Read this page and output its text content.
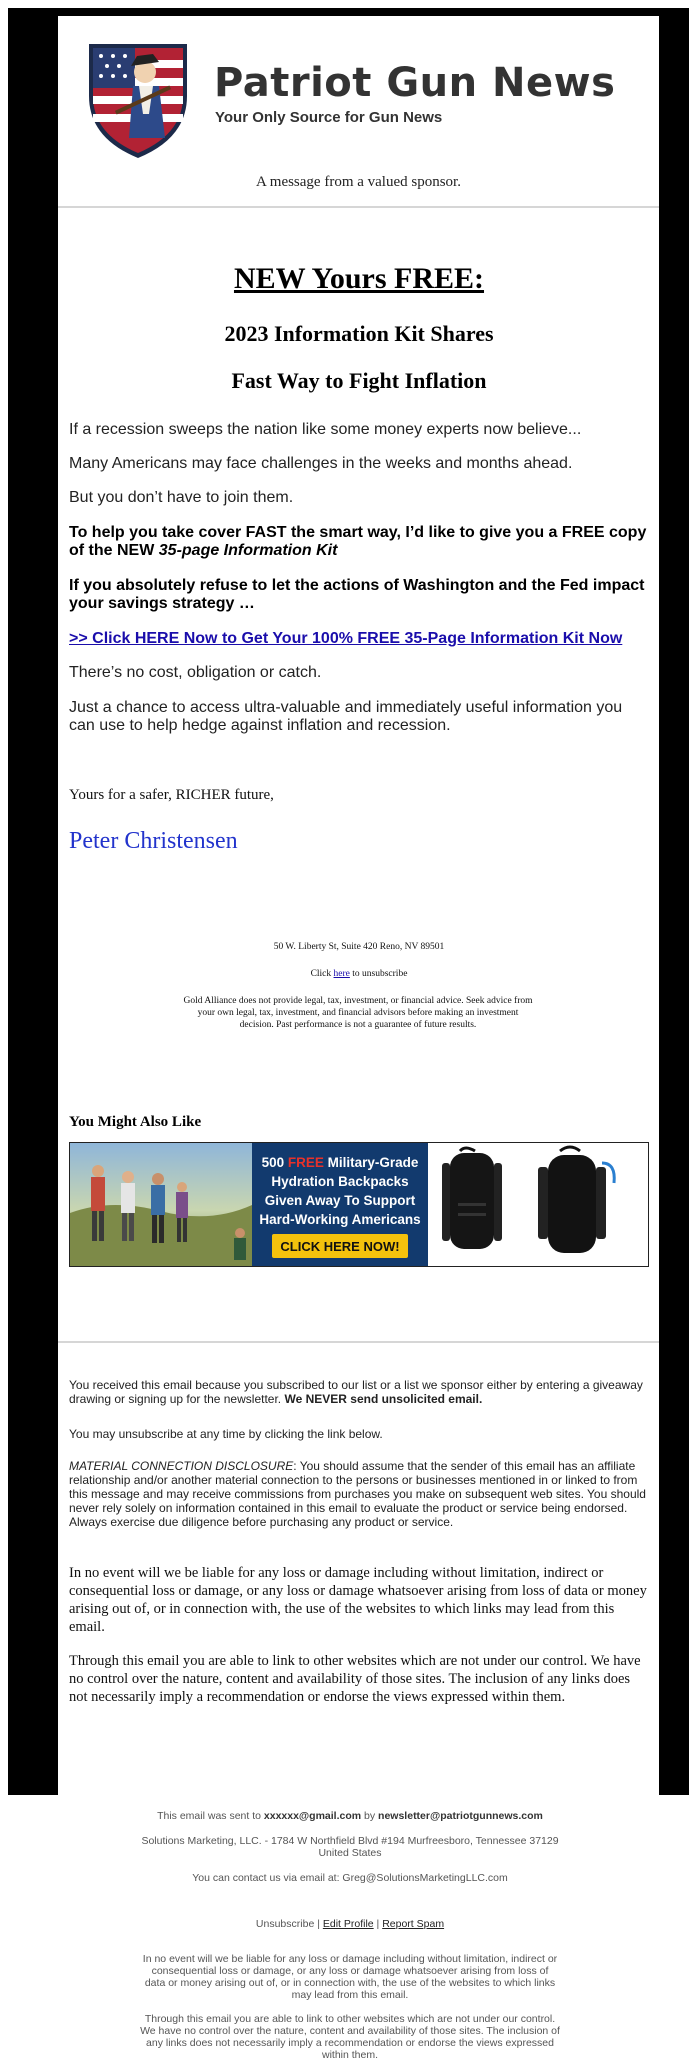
Patriot Gun News
Your Only Source for Gun News
A message from a valued sponsor.
NEW Yours FREE:
2023 Information Kit Shares
Fast Way to Fight Inflation
If a recession sweeps the nation like some money experts now believe...
Many Americans may face challenges in the weeks and months ahead.
But you don’t have to join them.
To help you take cover FAST the smart way, I’d like to give you a FREE copy of the NEW 35-page Information Kit
If you absolutely refuse to let the actions of Washington and the Fed impact your savings strategy …
>> Click HERE Now to Get Your 100% FREE 35-Page Information Kit Now
There’s no cost, obligation or catch.
Just a chance to access ultra-valuable and immediately useful information you can use to help hedge against inflation and recession.
Yours for a safer, RICHER future,
Peter Christensen
50 W. Liberty St, Suite 420 Reno, NV 89501
Click here to unsubscribe
Gold Alliance does not provide legal, tax, investment, or financial advice. Seek advice from your own legal, tax, investment, and financial advisors before making an investment decision. Past performance is not a guarantee of future results.
You Might Also Like
500 FREE Military-Grade
Hydration Backpacks
Given Away To Support
Hard-Working Americans
CLICK HERE NOW!
You received this email because you subscribed to our list or a list we sponsor either by entering a giveaway drawing or signing up for the newsletter. We NEVER send unsolicited email.
You may unsubscribe at any time by clicking the link below.
MATERIAL CONNECTION DISCLOSURE: You should assume that the sender of this email has an affiliate relationship and/or another material connection to the persons or businesses mentioned in or linked to from this message and may receive commissions from purchases you make on subsequent web sites. You should never rely solely on information contained in this email to evaluate the product or service being endorsed. Always exercise due diligence before purchasing any product or service.
In no event will we be liable for any loss or damage including without limitation, indirect or consequential loss or damage, or any loss or damage whatsoever arising from loss of data or money arising out of, or in connection with, the use of the websites to which links may lead from this email.
Through this email you are able to link to other websites which are not under our control. We have no control over the nature, content and availability of those sites. The inclusion of any links does not necessarily imply a recommendation or endorse the views expressed within them.
This email was sent to xxxxxx@gmail.com by newsletter@patriotgunnews.com
Solutions Marketing, LLC. - 1784 W Northfield Blvd #194 Murfreesboro, Tennessee 37129 United States
You can contact us via email at: Greg@SolutionsMarketingLLC.com
Unsubscribe | Edit Profile | Report Spam
In no event will we be liable for any loss or damage including without limitation, indirect or consequential loss or damage, or any loss or damage whatsoever arising from loss of data or money arising out of, or in connection with, the use of the websites to which links may lead from this email.
Through this email you are able to link to other websites which are not under our control. We have no control over the nature, content and availability of those sites. The inclusion of any links does not necessarily imply a recommendation or endorse the views expressed within them.
